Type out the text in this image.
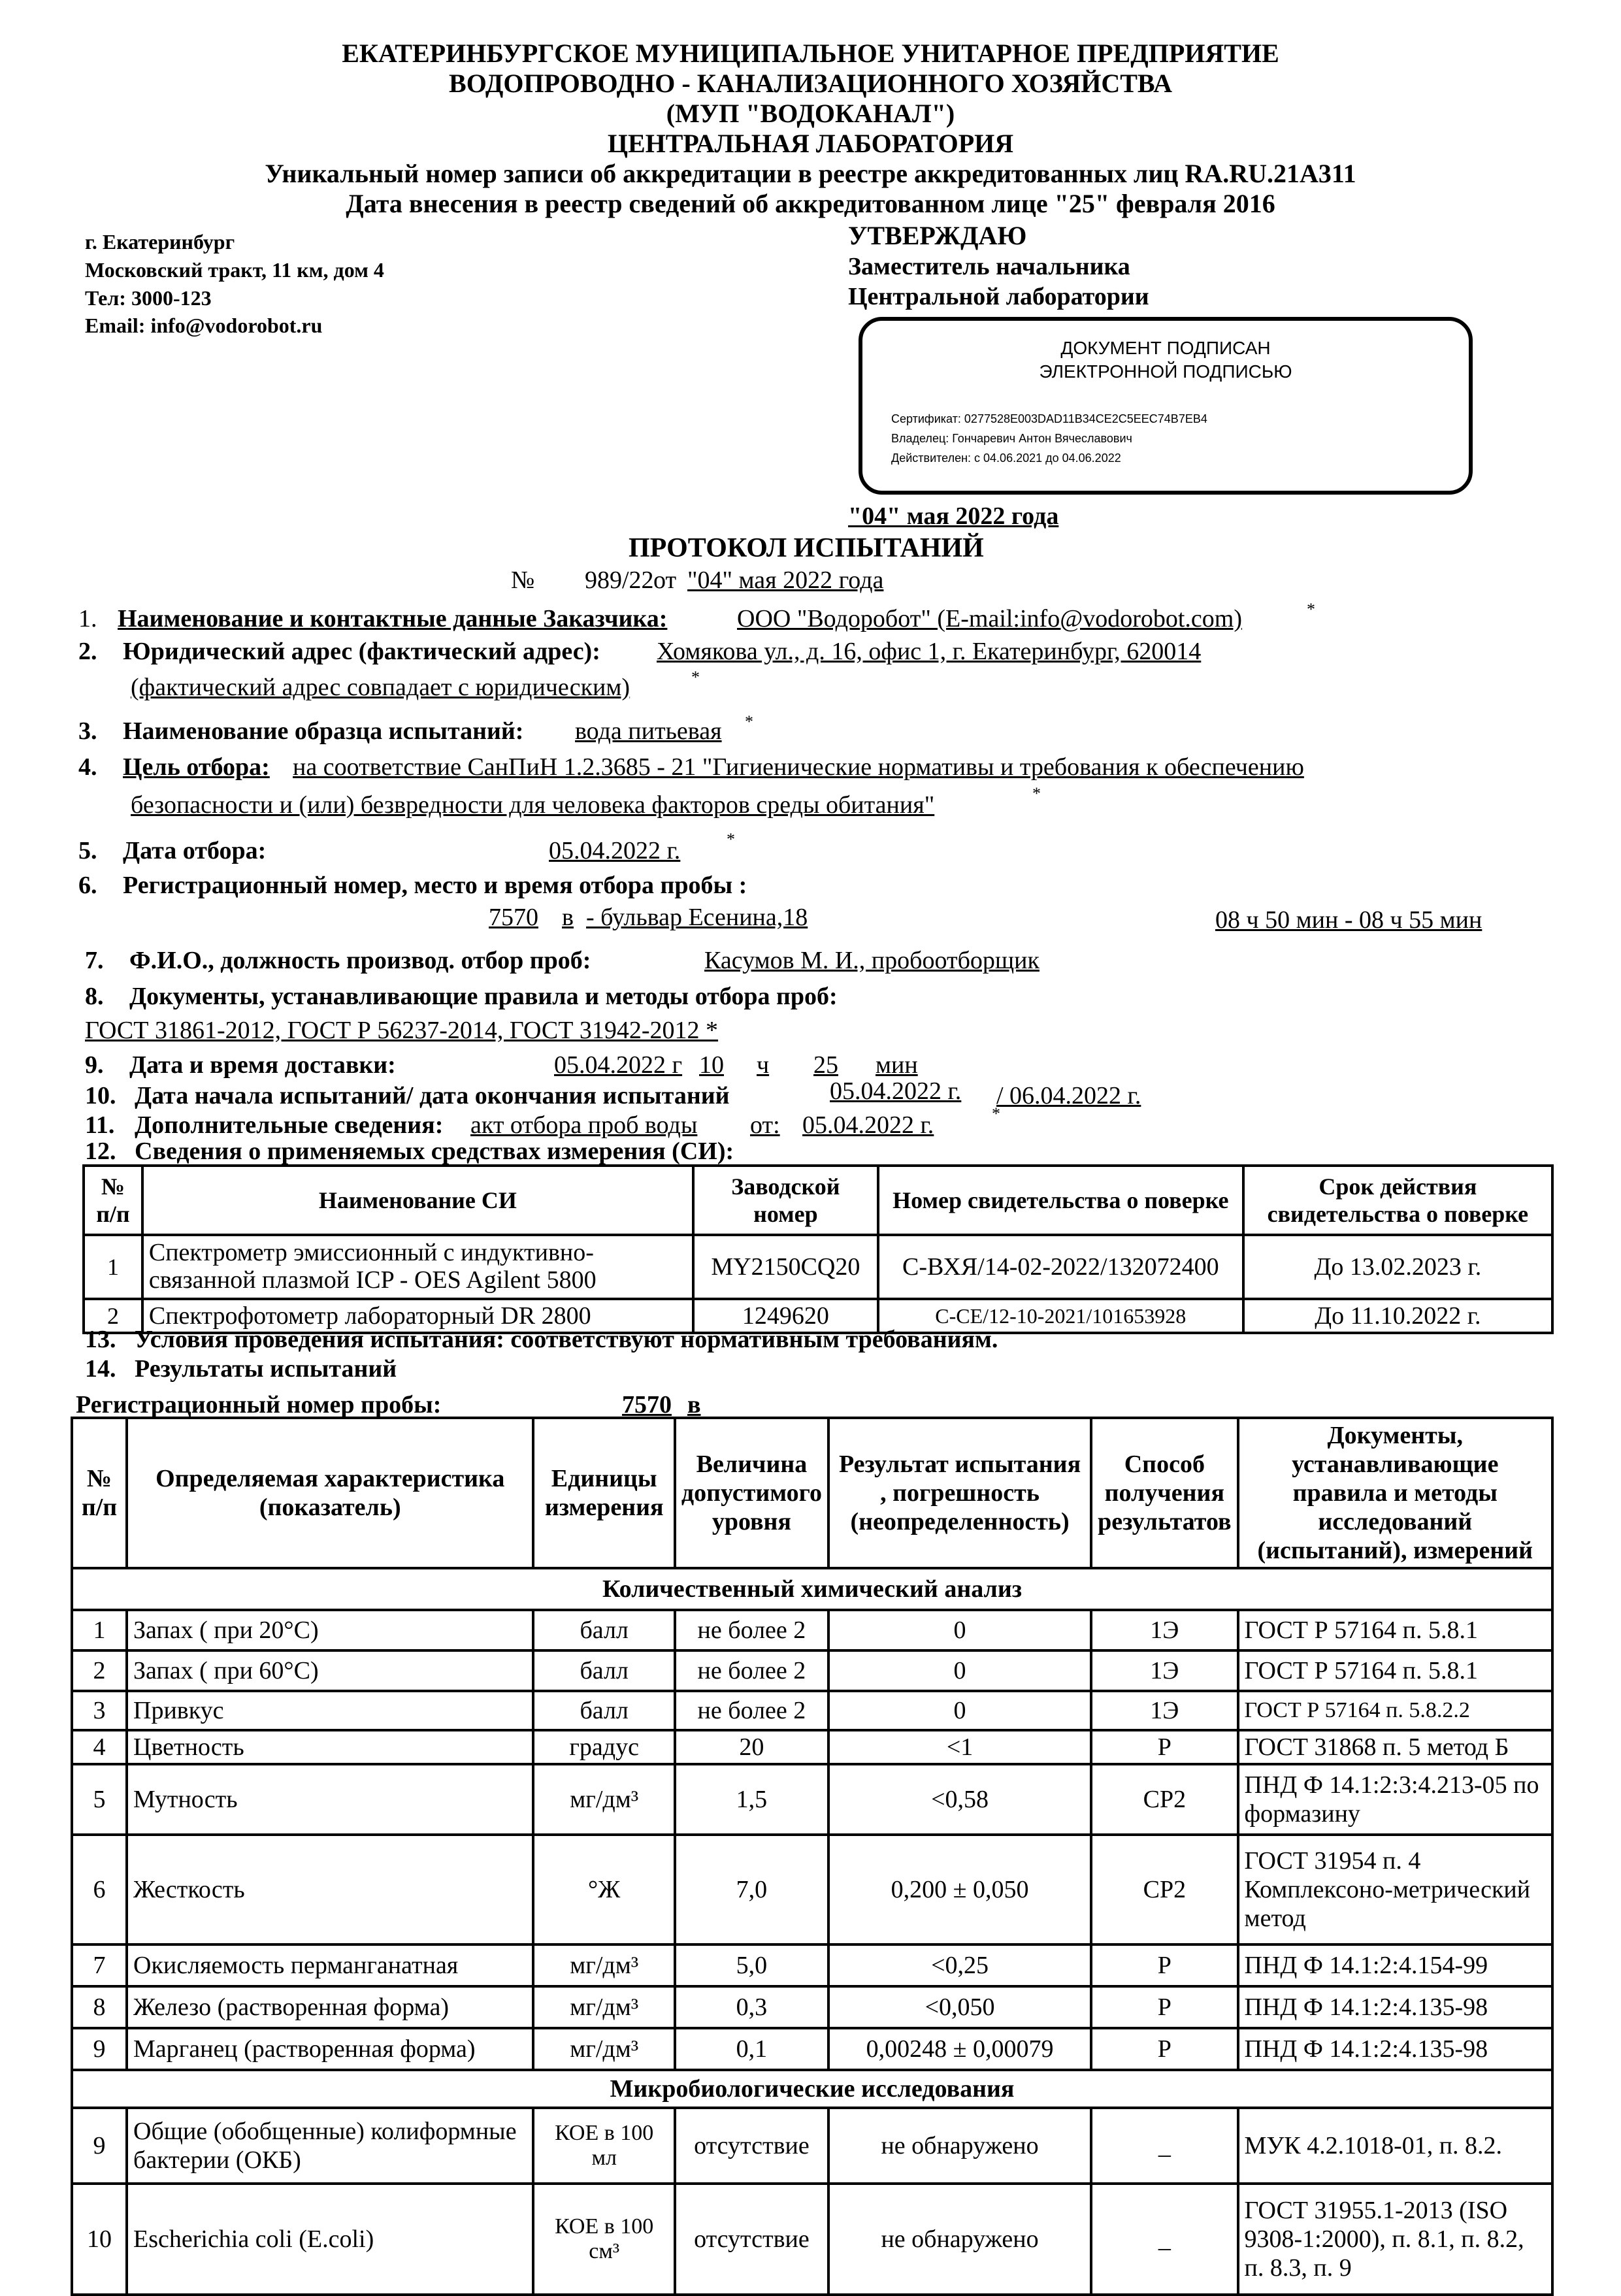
ЕКАТЕРИНБУРГСКОЕ МУНИЦИПАЛЬНОЕ УНИТАРНОЕ ПРЕДПРИЯТИЕ
ВОДОПРОВОДНО - КАНАЛИЗАЦИОННОГО ХОЗЯЙСТВА
(МУП "ВОДОКАНАЛ")
ЦЕНТРАЛЬНАЯ ЛАБОРАТОРИЯ
Уникальный номер записи об аккредитации в реестре аккредитованных лиц RA.RU.21А311
Дата внесения в реестр сведений об аккредитованном лице "25" февраля 2016
г. Екатеринбург
Московский тракт, 11 км, дом 4
Тел: 3000-123
Email: info@vodorobot.ru
УТВЕРЖДАЮ
Заместитель начальника
Центральной лаборатории
ДОКУМЕНТ ПОДПИСАН
ЭЛЕКТРОННОЙ ПОДПИСЬЮ
Сертификат: 0277528E003DAD11B34CE2C5EEC74B7EB4
Владелец: Гончаревич Антон Вячеславович
Действителен: с 04.06.2021 до 04.06.2022
"04" мая 2022 года
ПРОТОКОЛ ИСПЫТАНИЙ
№ 989/22 от "04" мая 2022 года
1. Наименование и контактные данные Заказчика:	ООО "Водоробот" (E-mail:info@vodorobot.com)	*
2. Юридический адрес (фактический адрес): Хомякова ул., д. 16, офис 1, г. Екатеринбург, 620014
(фактический адрес совпадает с юридическим)	*
3. Наименование образца испытаний: вода питьевая *
4. Цель отбора: на соответствие СанПиН 1.2.3685 - 21 "Гигиенические нормативы и требования к обеспечению
безопасности и (или) безвредности для человека факторов среды обитания"	*
5. Дата отбора:	05.04.2022 г.	*
6. Регистрационный номер, место и время отбора пробы :
7570 в - бульвар Есенина,18	08 ч 50 мин - 08 ч 55 мин
7. Ф.И.О., должность производ. отбор проб:	Касумов М. И., пробоотборщик
8. Документы, устанавливающие правила и методы отбора проб:
ГОСТ 31861-2012, ГОСТ Р 56237-2014, ГОСТ 31942-2012 *
9. Дата и время доставки:	05.04.2022 г 10 ч 25 мин
10. Дата начала испытаний/ дата окончания испытаний	05.04.2022 г. / 06.04.2022 г.
11. Дополнительные сведения: акт отбора проб воды от: 05.04.2022 г.	*
12. Сведения о применяемых средствах измерения (СИ):
№ п/п	Наименование СИ	Заводской номер	Номер свидетельства о поверке	Срок действия свидетельства о поверке
1	Спектрометр эмиссионный с индуктивно-связанной плазмой ICP - OES Agilent 5800	MY2150CQ20	С-ВХЯ/14-02-2022/132072400	До 13.02.2023 г.
2	Спектрофотометр лабораторный DR 2800	1249620	С-СЕ/12-10-2021/101653928	До 11.10.2022 г.
13. Условия проведения испытания: соответствуют нормативным требованиям.
14. Результаты испытаний
Регистрационный номер пробы:	7570 в
№ п/п	Определяемая характеристика (показатель)	Единицы измерения	Величина допустимого уровня	Результат испытания , погрешность (неопределенность)	Способ получения результатов	Документы, устанавливающие правила и методы исследований (испытаний), измерений
Количественный химический анализ						
1	Запах ( при 20°С)	балл	не более 2	0	1Э	ГОСТ Р 57164 п. 5.8.1
2	Запах ( при 60°С)	балл	не более 2	0	1Э	ГОСТ Р 57164 п. 5.8.1
3	Привкус	балл	не более 2	0	1Э	ГОСТ Р 57164 п. 5.8.2.2
4	Цветность	градус	20	<1	Р	ГОСТ 31868 п. 5 метод Б
5	Мутность	мг/дм³	1,5	<0,58	СР2	ПНД Ф 14.1:2:3:4.213-05 по формазину
6	Жесткость	°Ж	7,0	0,200 ± 0,050	СР2	ГОСТ 31954 п. 4 Комплексоно-метрический метод
7	Окисляемость перманганатная	мг/дм³	5,0	<0,25	Р	ПНД Ф 14.1:2:4.154-99
8	Железо (растворенная форма)	мг/дм³	0,3	<0,050	Р	ПНД Ф 14.1:2:4.135-98
9	Марганец (растворенная форма)	мг/дм³	0,1	0,00248 ± 0,00079	Р	ПНД Ф 14.1:2:4.135-98
Микробиологические исследования						
9	Общие (обобщенные) колиформные бактерии (ОКБ)	КОЕ в 100 мл	отсутствие	не обнаружено	_	МУК 4.2.1018-01, п. 8.2.
10	Escherichia coli (E.coli)	КОЕ в 100 см³	отсутствие	не обнаружено	_	ГОСТ 31955.1-2013 (ISO 9308-1:2000), п. 8.1, п. 8.2, п. 8.3, п. 9
